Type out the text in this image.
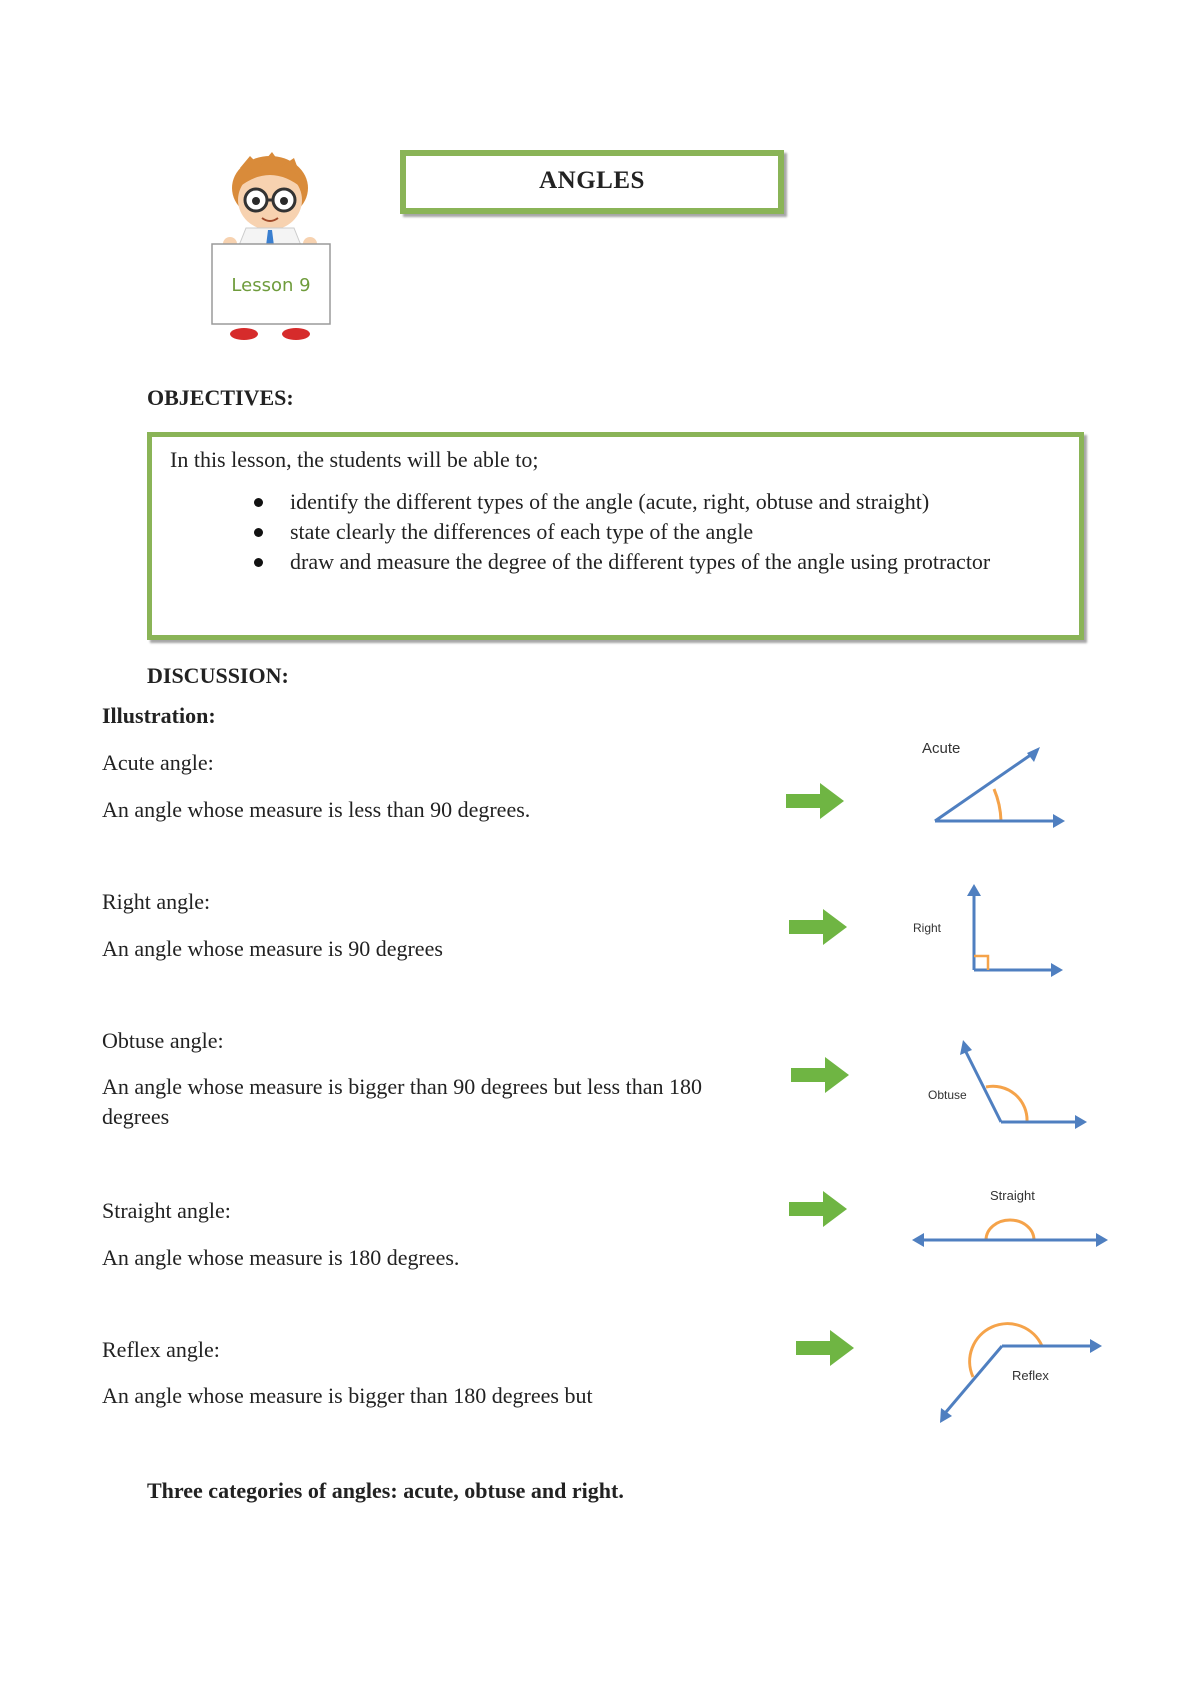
Lesson 9
ANGLES
OBJECTIVES:
In this lesson, the students will be able to;
identify the different types of the angle (acute, right, obtuse and straight)
state clearly the differences of each type of the angle
draw and measure the degree of the different types of the angle using protractor
DISCUSSION:
Illustration:
Acute angle:
An angle whose measure is less than 90 degrees.
Acute
Right angle:
An angle whose measure is 90 degrees
Right
Obtuse angle:
An angle whose measure is bigger than 90 degrees but less than 180 degrees
Obtuse
Straight angle:
An angle whose measure is 180 degrees.
Straight
Reflex angle:
An angle whose measure is bigger than 180 degrees but
Reflex
Three categories of angles: acute, obtuse and right.
